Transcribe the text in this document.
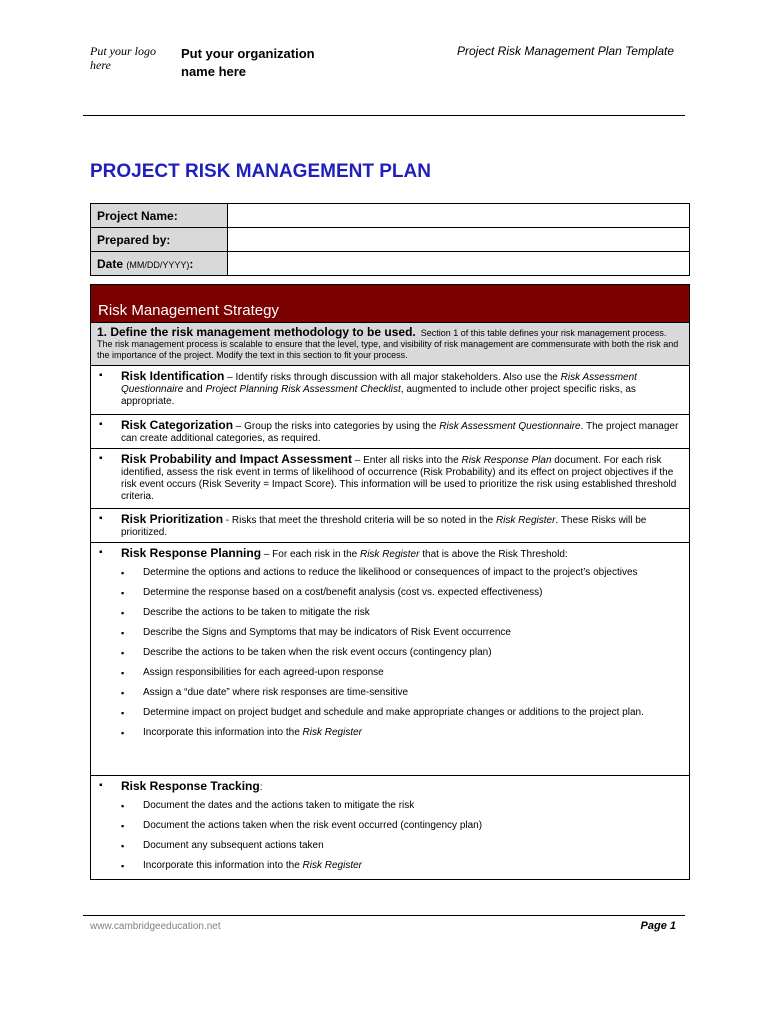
Put your logo here
Put your organization name here
Project Risk Management Plan Template
PROJECT RISK MANAGEMENT PLAN
Project Name:	
Prepared by:	
Date (MM/DD/YYYY):	
Risk Management Strategy
1. Define the risk management methodology to be used. Section 1 of this table defines your risk management process. The risk management process is scalable to ensure that the level, type, and visibility of risk management are commensurate with both the risk and the importance of the project. Modify the text in this section to fit your process.
▪ Risk Identification – Identify risks through discussion with all major stakeholders. Also use the Risk Assessment Questionnaire and Project Planning Risk Assessment Checklist, augmented to include other project specific risks, as appropriate.
▪ Risk Categorization – Group the risks into categories by using the Risk Assessment Questionnaire. The project manager can create additional categories, as required.
▪ Risk Probability and Impact Assessment – Enter all risks into the Risk Response Plan document. For each risk identified, assess the risk event in terms of likelihood of occurrence (Risk Probability) and its effect on project objectives if the risk event occurs (Risk Severity = Impact Score). This information will be used to prioritize the risk using established threshold criteria.
▪ Risk Prioritization - Risks that meet the threshold criteria will be so noted in the Risk Register. These Risks will be prioritized.
▪ Risk Response Planning – For each risk in the Risk Register that is above the Risk Threshold:
▪ Determine the options and actions to reduce the likelihood or consequences of impact to the project’s objectives
▪ Determine the response based on a cost/benefit analysis (cost vs. expected effectiveness)
▪ Describe the actions to be taken to mitigate the risk
▪ Describe the Signs and Symptoms that may be indicators of Risk Event occurrence
▪ Describe the actions to be taken when the risk event occurs (contingency plan)
▪ Assign responsibilities for each agreed-upon response
▪ Assign a “due date” where risk responses are time-sensitive
▪ Determine impact on project budget and schedule and make appropriate changes or additions to the project plan.
▪ Incorporate this information into the Risk Register
▪ Risk Response Tracking:
▪ Document the dates and the actions taken to mitigate the risk
▪ Document the actions taken when the risk event occurred (contingency plan)
▪ Document any subsequent actions taken
▪ Incorporate this information into the Risk Register
www.cambridgeeducation.net	Page 1
